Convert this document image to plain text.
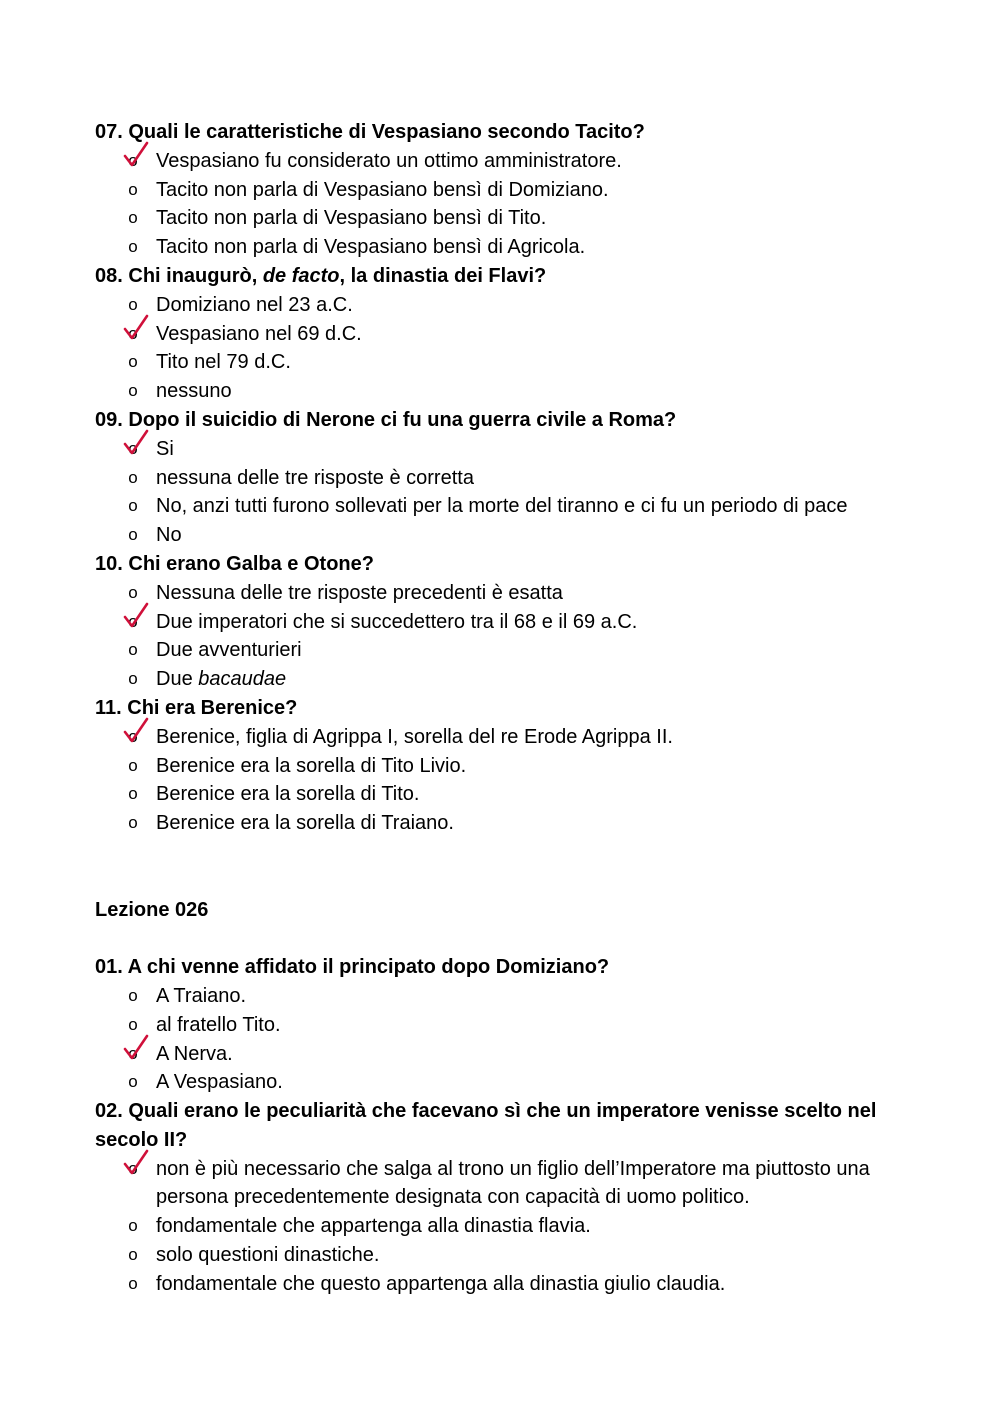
07. Quali le caratteristiche di Vespasiano secondo Tacito?
o Vespasiano fu considerato un ottimo amministratore.
o Tacito non parla di Vespasiano bensì di Domiziano.
o Tacito non parla di Vespasiano bensì di Tito.
o Tacito non parla di Vespasiano bensì di Agricola.
08. Chi inaugurò, de facto, la dinastia dei Flavi?
o Domiziano nel 23 a.C.
o Vespasiano nel 69 d.C.
o Tito nel 79 d.C.
o nessuno
09. Dopo il suicidio di Nerone ci fu una guerra civile a Roma?
o Si
o nessuna delle tre risposte è corretta
o No, anzi tutti furono sollevati per la morte del tiranno e ci fu un periodo di pace
o No
10. Chi erano Galba e Otone?
o Nessuna delle tre risposte precedenti è esatta
o Due imperatori che si succedettero tra il 68 e il 69 a.C.
o Due avventurieri
o Due bacaudae
11. Chi era Berenice?
o Berenice, figlia di Agrippa I, sorella del re Erode Agrippa II.
o Berenice era la sorella di Tito Livio.
o Berenice era la sorella di Tito.
o Berenice era la sorella di Traiano.
Lezione 026
01. A chi venne affidato il principato dopo Domiziano?
o A Traiano.
o al fratello Tito.
o A Nerva.
o A Vespasiano.
02. Quali erano le peculiarità che facevano sì che un imperatore venisse scelto nel secolo II?
o non è più necessario che salga al trono un figlio dell’Imperatore ma piuttosto una persona precedentemente designata con capacità di uomo politico.
o fondamentale che appartenga alla dinastia flavia.
o solo questioni dinastiche.
o fondamentale che questo appartenga alla dinastia giulio claudia.
